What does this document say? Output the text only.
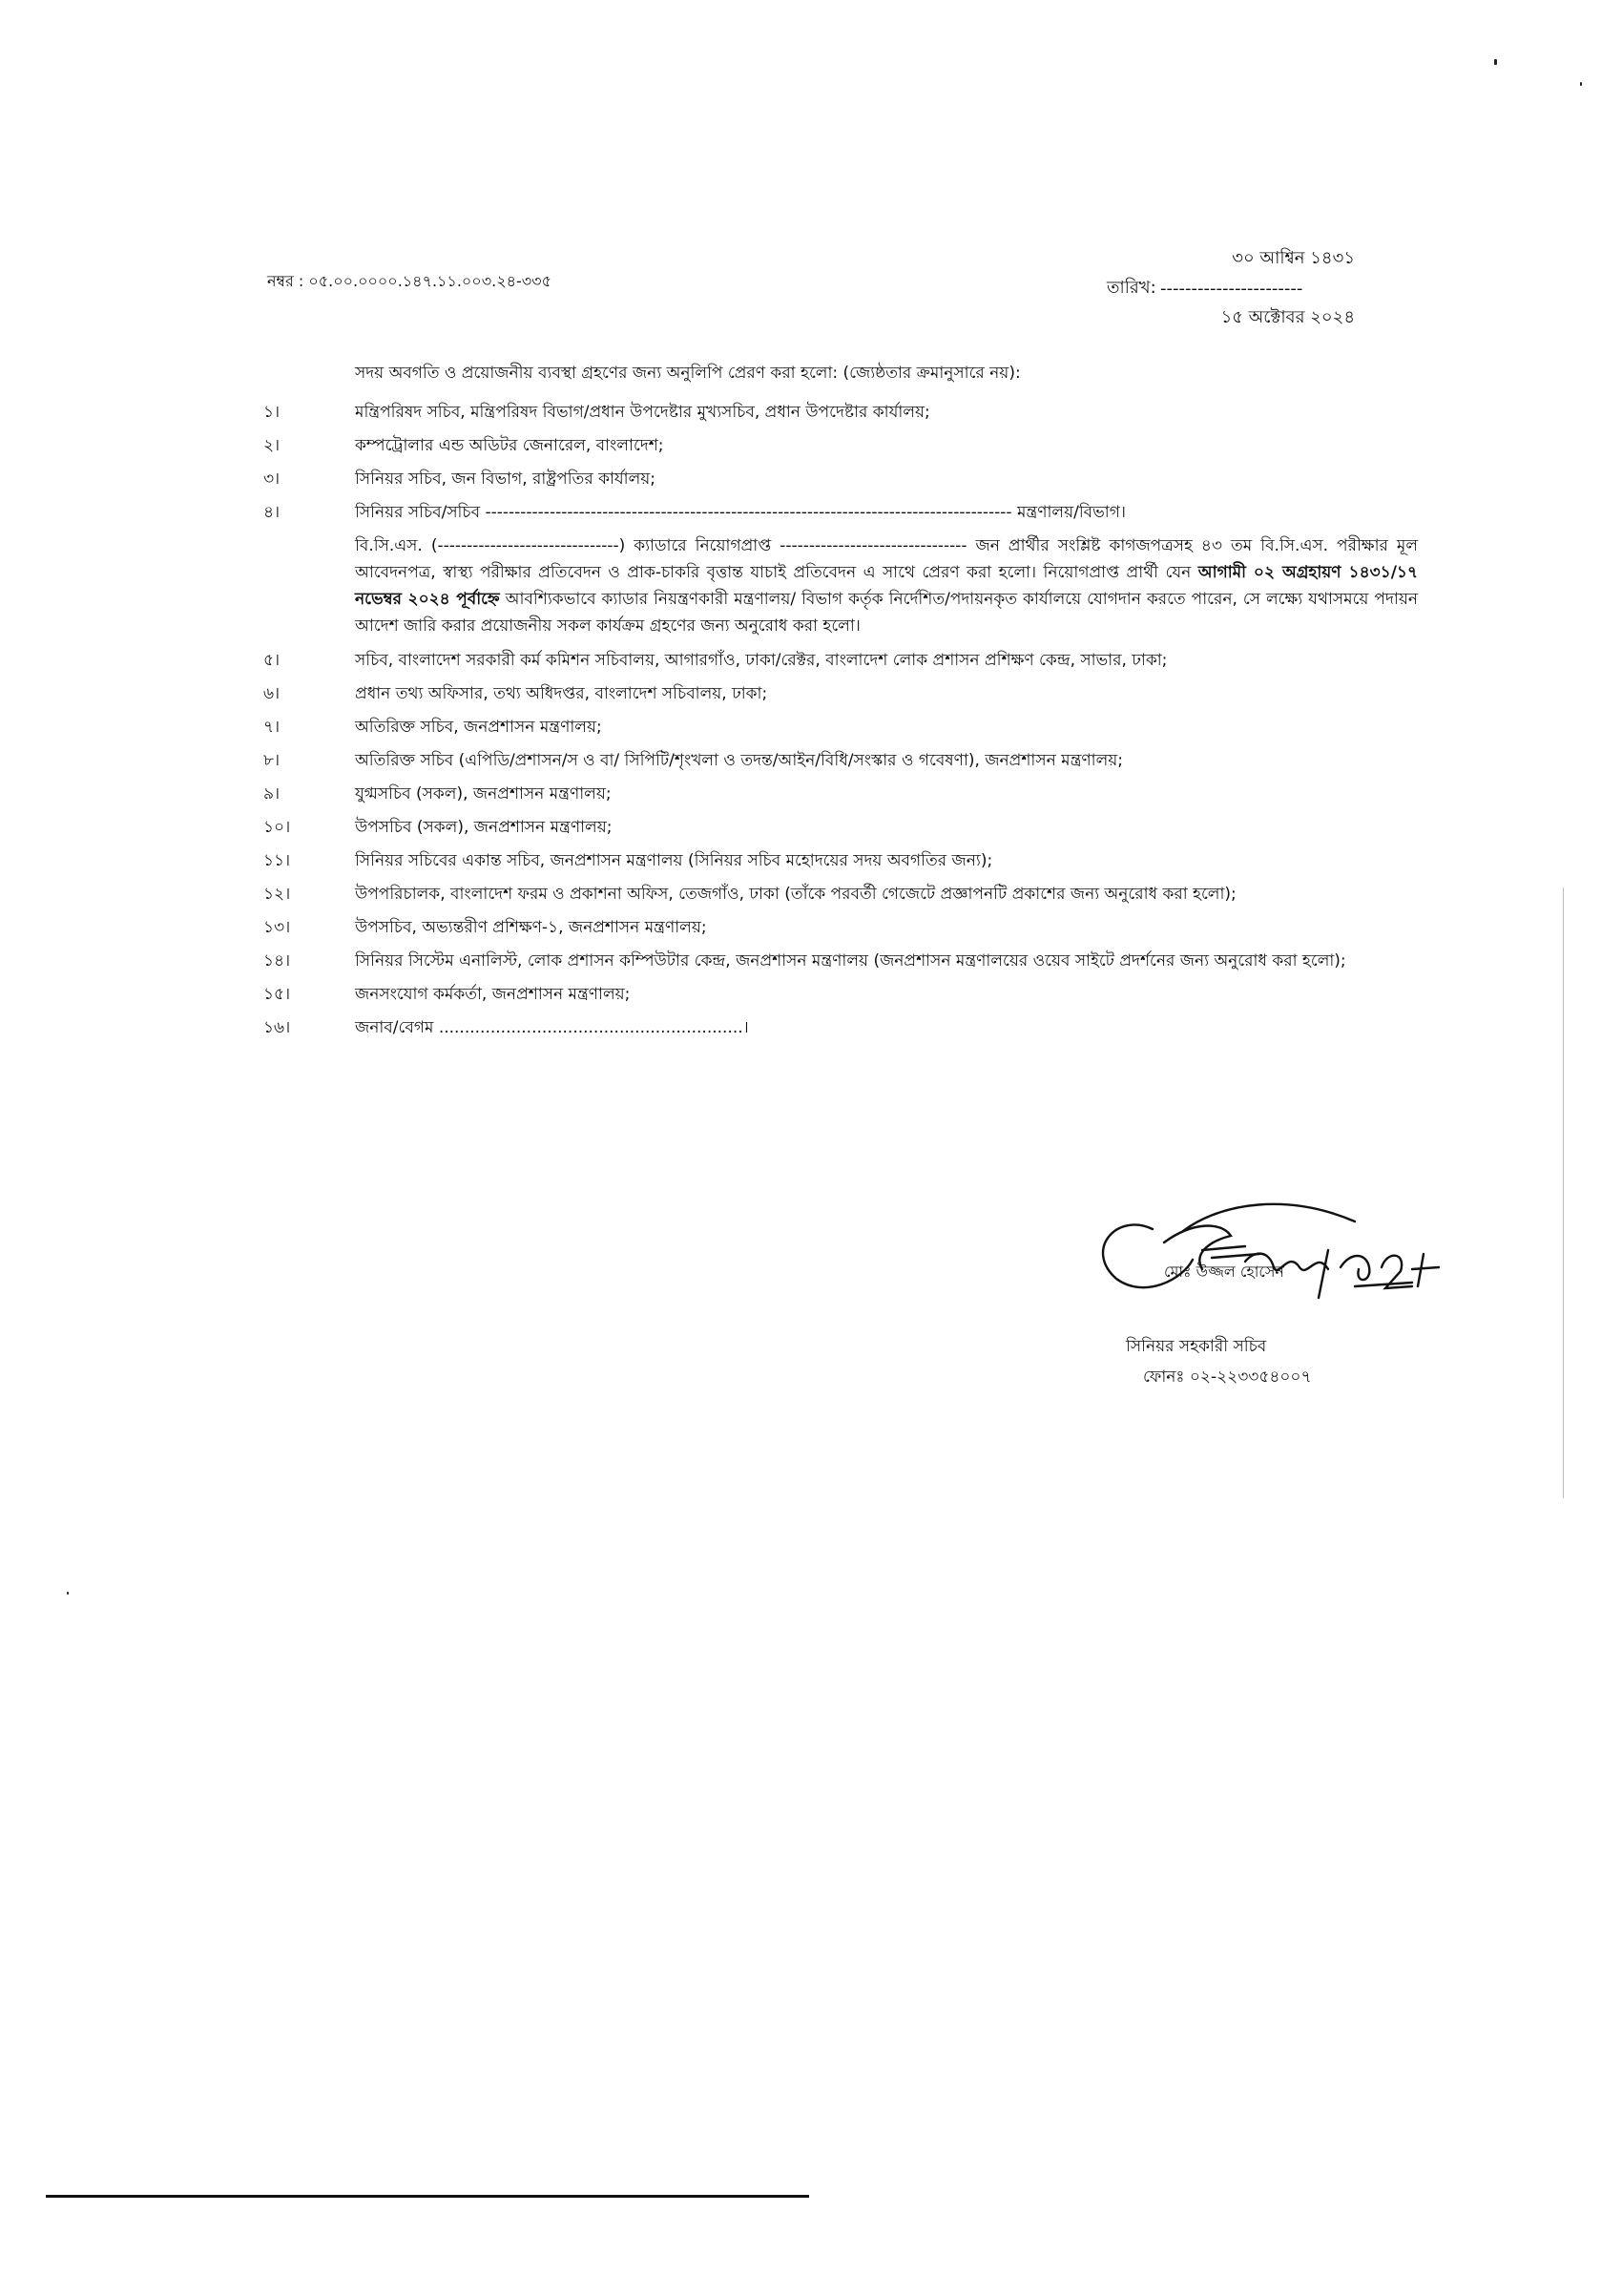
নম্বর : ০৫.০০.০০০০.১৪৭.১১.০০৩.২৪-৩৩৫
৩০ আশ্বিন ১৪৩১
তারিখ: -----------------------
১৫ অক্টোবর ২০২৪
সদয় অবগতি ও প্রয়োজনীয় ব্যবস্থা গ্রহণের জন্য অনুলিপি প্রেরণ করা হলো: (জ্যেষ্ঠতার ক্রমানুসারে নয়):
১।	মন্ত্রিপরিষদ সচিব, মন্ত্রিপরিষদ বিভাগ/প্রধান উপদেষ্টার মুখ্যসচিব, প্রধান উপদেষ্টার কার্যালয়;
২।	কম্পট্রোলার এন্ড অডিটর জেনারেল, বাংলাদেশ;
৩।	সিনিয়র সচিব, জন বিভাগ, রাষ্ট্রপতির কার্যালয়;
৪।	সিনিয়র সচিব/সচিব ------------------------------------------------------------------------------------------ মন্ত্রণালয়/বিভাগ।
বি.সি.এস. (-------------------------------) ক্যাডারে নিয়োগপ্রাপ্ত -------------------------------- জন প্রার্থীর সংশ্লিষ্ট কাগজপত্রসহ ৪৩ তম বি.সি.এস. পরীক্ষার মূল আবেদনপত্র, স্বাস্থ্য পরীক্ষার প্রতিবেদন ও প্রাক-চাকরি বৃত্তান্ত যাচাই প্রতিবেদন এ সাথে প্রেরণ করা হলো। নিয়োগপ্রাপ্ত প্রার্থী যেন আগামী ০২ অগ্রহায়ণ ১৪৩১/১৭ নভেম্বর ২০২৪ পূর্বাহ্নে আবশ্যিকভাবে ক্যাডার নিয়ন্ত্রণকারী মন্ত্রণালয়/ বিভাগ কর্তৃক নির্দেশিত/পদায়নকৃত কার্যালয়ে যোগদান করতে পারেন, সে লক্ষ্যে যথাসময়ে পদায়ন আদেশ জারি করার প্রয়োজনীয় সকল কার্যক্রম গ্রহণের জন্য অনুরোধ করা হলো।
৫।	সচিব, বাংলাদেশ সরকারী কর্ম কমিশন সচিবালয়, আগারগাঁও, ঢাকা/রেক্টর, বাংলাদেশ লোক প্রশাসন প্রশিক্ষণ কেন্দ্র, সাভার, ঢাকা;
৬।	প্রধান তথ্য অফিসার, তথ্য অধিদপ্তর, বাংলাদেশ সচিবালয়, ঢাকা;
৭।	অতিরিক্ত সচিব, জনপ্রশাসন মন্ত্রণালয়;
৮।	অতিরিক্ত সচিব (এপিডি/প্রশাসন/স ও বা/ সিপিটি/শৃংখলা ও তদন্ত/আইন/বিধি/সংস্কার ও গবেষণা), জনপ্রশাসন মন্ত্রণালয়;
৯।	যুগ্মসচিব (সকল), জনপ্রশাসন মন্ত্রণালয়;
১০।	উপসচিব (সকল), জনপ্রশাসন মন্ত্রণালয়;
১১।	সিনিয়র সচিবের একান্ত সচিব, জনপ্রশাসন মন্ত্রণালয় (সিনিয়র সচিব মহোদয়ের সদয় অবগতির জন্য);
১২।	উপপরিচালক, বাংলাদেশ ফরম ও প্রকাশনা অফিস, তেজগাঁও, ঢাকা (তাঁকে পরবর্তী গেজেটে প্রজ্ঞাপনটি প্রকাশের জন্য অনুরোধ করা হলো);
১৩।	উপসচিব, অভ্যন্তরীণ প্রশিক্ষণ-১, জনপ্রশাসন মন্ত্রণালয়;
১৪।	সিনিয়র সিস্টেম এনালিস্ট, লোক প্রশাসন কম্পিউটার কেন্দ্র, জনপ্রশাসন মন্ত্রণালয় (জনপ্রশাসন মন্ত্রণালয়ের ওয়েব সাইটে প্রদর্শনের জন্য অনুরোধ করা হলো);
১৫।	জনসংযোগ কর্মকর্তা, জনপ্রশাসন মন্ত্রণালয়;
১৬।	জনাব/বেগম ...........................................................।
মোঃ উজ্জল হোসেন
সিনিয়র সহকারী সচিব
ফোনঃ ০২-২২৩৩৫৪০০৭
